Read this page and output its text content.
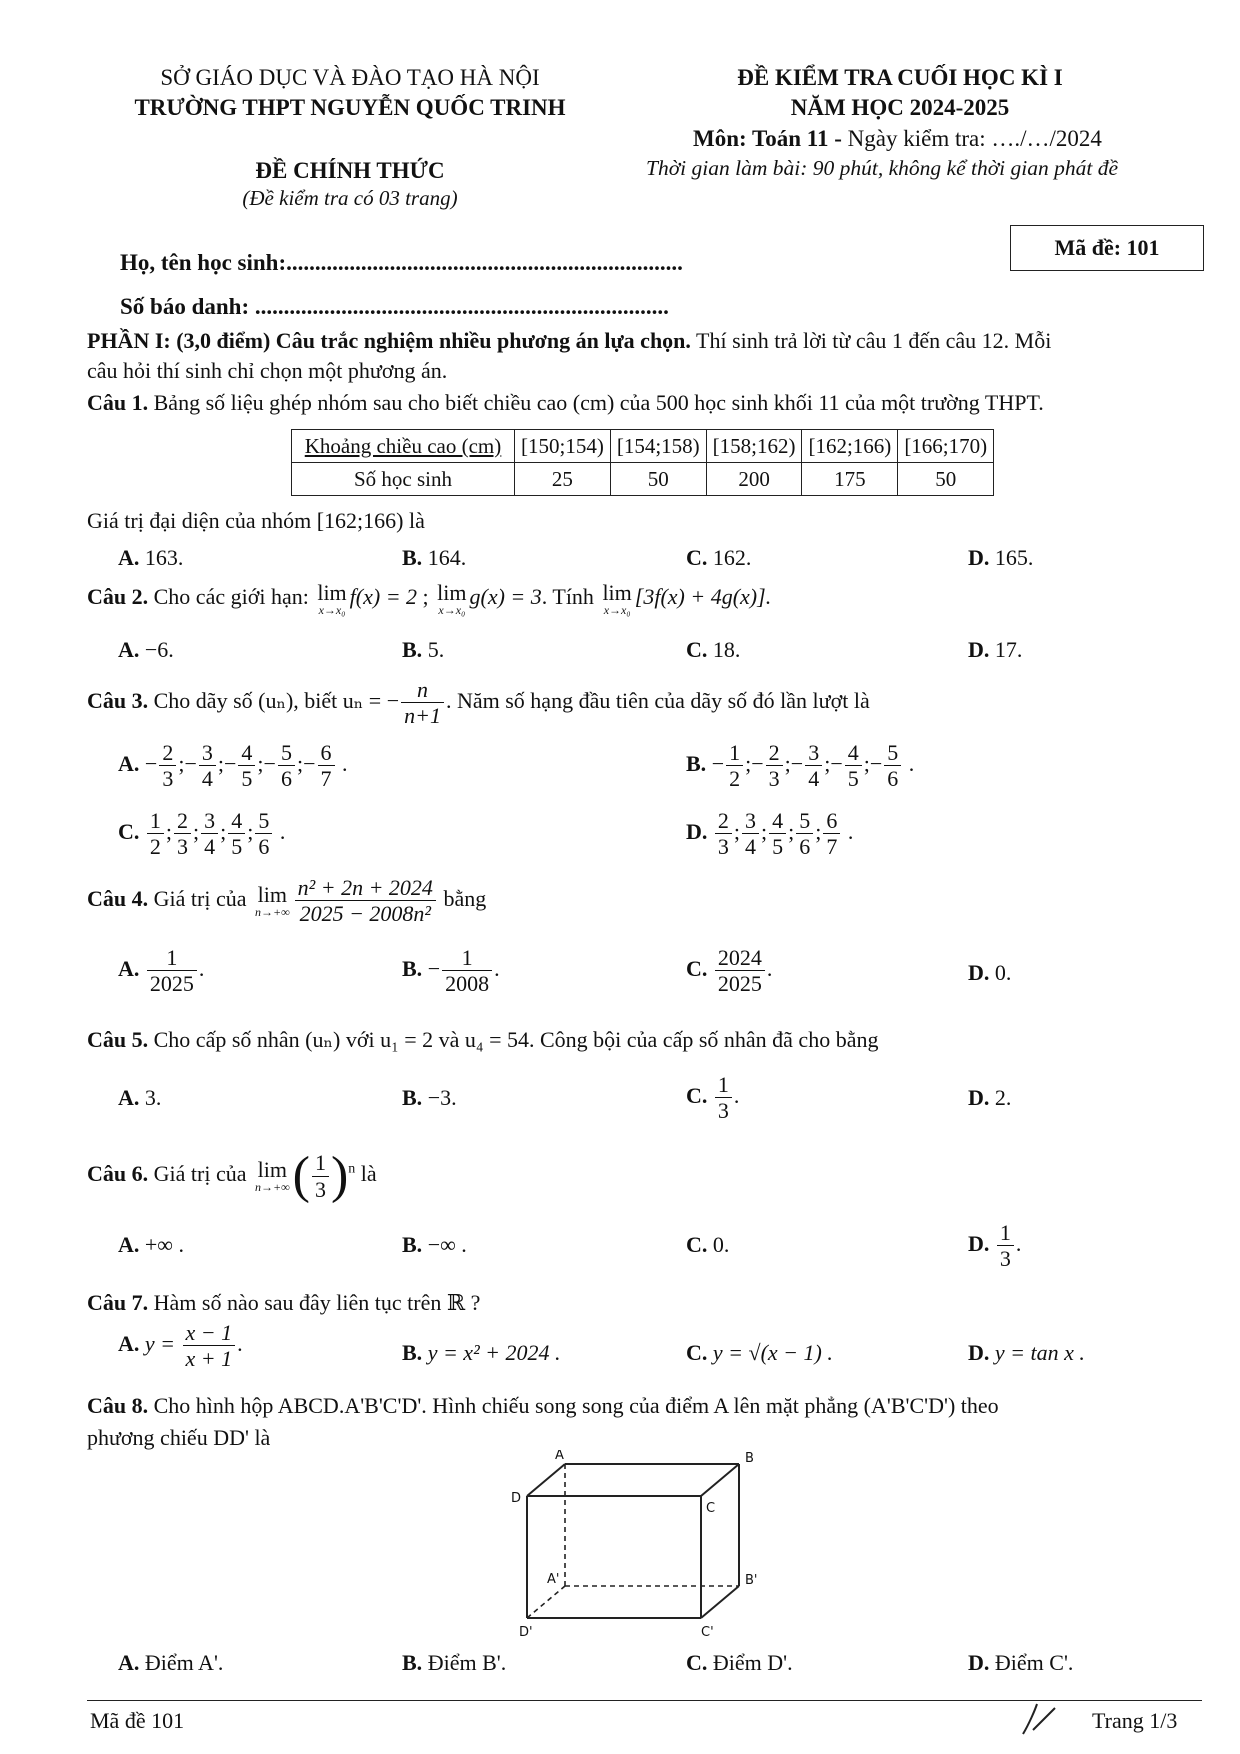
SỞ GIÁO DỤC VÀ ĐÀO TẠO HÀ NỘI
TRƯỜNG THPT NGUYỄN QUỐC TRINH
ĐỀ CHÍNH THỨC
(Đề kiểm tra có 03 trang)
ĐỀ KIỂM TRA CUỐI HỌC KÌ I
NĂM HỌC 2024-2025
Môn: Toán 11 - Ngày kiểm tra: …./…/2024
Thời gian làm bài: 90 phút, không kể thời gian phát đề
Mã đề: 101
Họ, tên học sinh:.....................................................................
Số báo danh: ........................................................................
PHẦN I: (3,0 điểm) Câu trắc nghiệm nhiều phương án lựa chọn. Thí sinh trả lời từ câu 1 đến câu 12. Mỗi
câu hỏi thí sinh chỉ chọn một phương án.
Câu 1. Bảng số liệu ghép nhóm sau cho biết chiều cao (cm) của 500 học sinh khối 11 của một trường THPT.
Khoảng chiều cao (cm)	[150;154)	[154;158)	[158;162)	[162;166)	[166;170)
Số học sinh	25	50	200	175	50
Giá trị đại diện của nhóm [162;166) là
A. 163.	B. 164.	C. 162.	D. 165.
Câu 2. Cho các giới hạn: lim
x→x₀
f(x) = 2 ; lim
x→x₀
g(x) = 3. Tính lim
x→x₀
[3f(x) + 4g(x)].
A. −6.	B. 5.	C. 18.	D. 17.
Câu 3. Cho dãy số (uₙ), biết uₙ = − $\frac{n}{n+1}$ . Năm số hạng đầu tiên của dãy số đó lần lượt là
A. − $\frac{2}{3}$ ;− $\frac{3}{4}$ ;− $\frac{4}{5}$ ;− $\frac{5}{6}$ ;− $\frac{6}{7}$ .	B. − $\frac{1}{2}$ ;− $\frac{2}{3}$ ;− $\frac{3}{4}$ ;− $\frac{4}{5}$ ;− $\frac{5}{6}$ .
C. $\frac{1}{2}$ ; $\frac{2}{3}$ ; $\frac{3}{4}$ ; $\frac{4}{5}$ ; $\frac{5}{6}$ .	D. $\frac{2}{3}$ ; $\frac{3}{4}$ ; $\frac{4}{5}$ ; $\frac{5}{6}$ ; $\frac{6}{7}$ .
Câu 4. Giá trị của lim
$n\to+\infty \frac{\text{n² + 2n + 2024}}{\text{2025 − 2008n²}}$ bằng
A. $\frac{1}{2025}$ .	B. − $\frac{1}{2008}$ .	C. $\frac{2024}{2025}$ .	D. 0.
Câu 5. Cho cấp số nhân (uₙ) với u₁ = 2 và u₄ = 54. Công bội của cấp số nhân đã cho bằng
A. 3.	B. −3.	C. $\frac{1}{3}$ .	D. 2.
Câu 6. Giá trị của lim
n→+∞ ( $\frac{1}{3} )^n$ là
A. +∞ .	B. −∞ .	C. 0.	D. $\frac{1}{3}$ .
Câu 7. Hàm số nào sau đây liên tục trên ℝ ?
A. $y = \frac{x - 1}{x + 1}$ .	B. y = x² + 2024 .	C. y = √(x − 1) .	D. y = tan x .
Câu 8. Cho hình hộp ABCD.A'B'C'D'. Hình chiếu song song của điểm A lên mặt phẳng (A'B'C'D') theo
phương chiếu DD' là
A	B
C
D
A'	B'
C'
D'
A. Điểm A'.	B. Điểm B'.	C. Điểm D'.	D. Điểm C'.
Mã đề 101	Trang 1/3
